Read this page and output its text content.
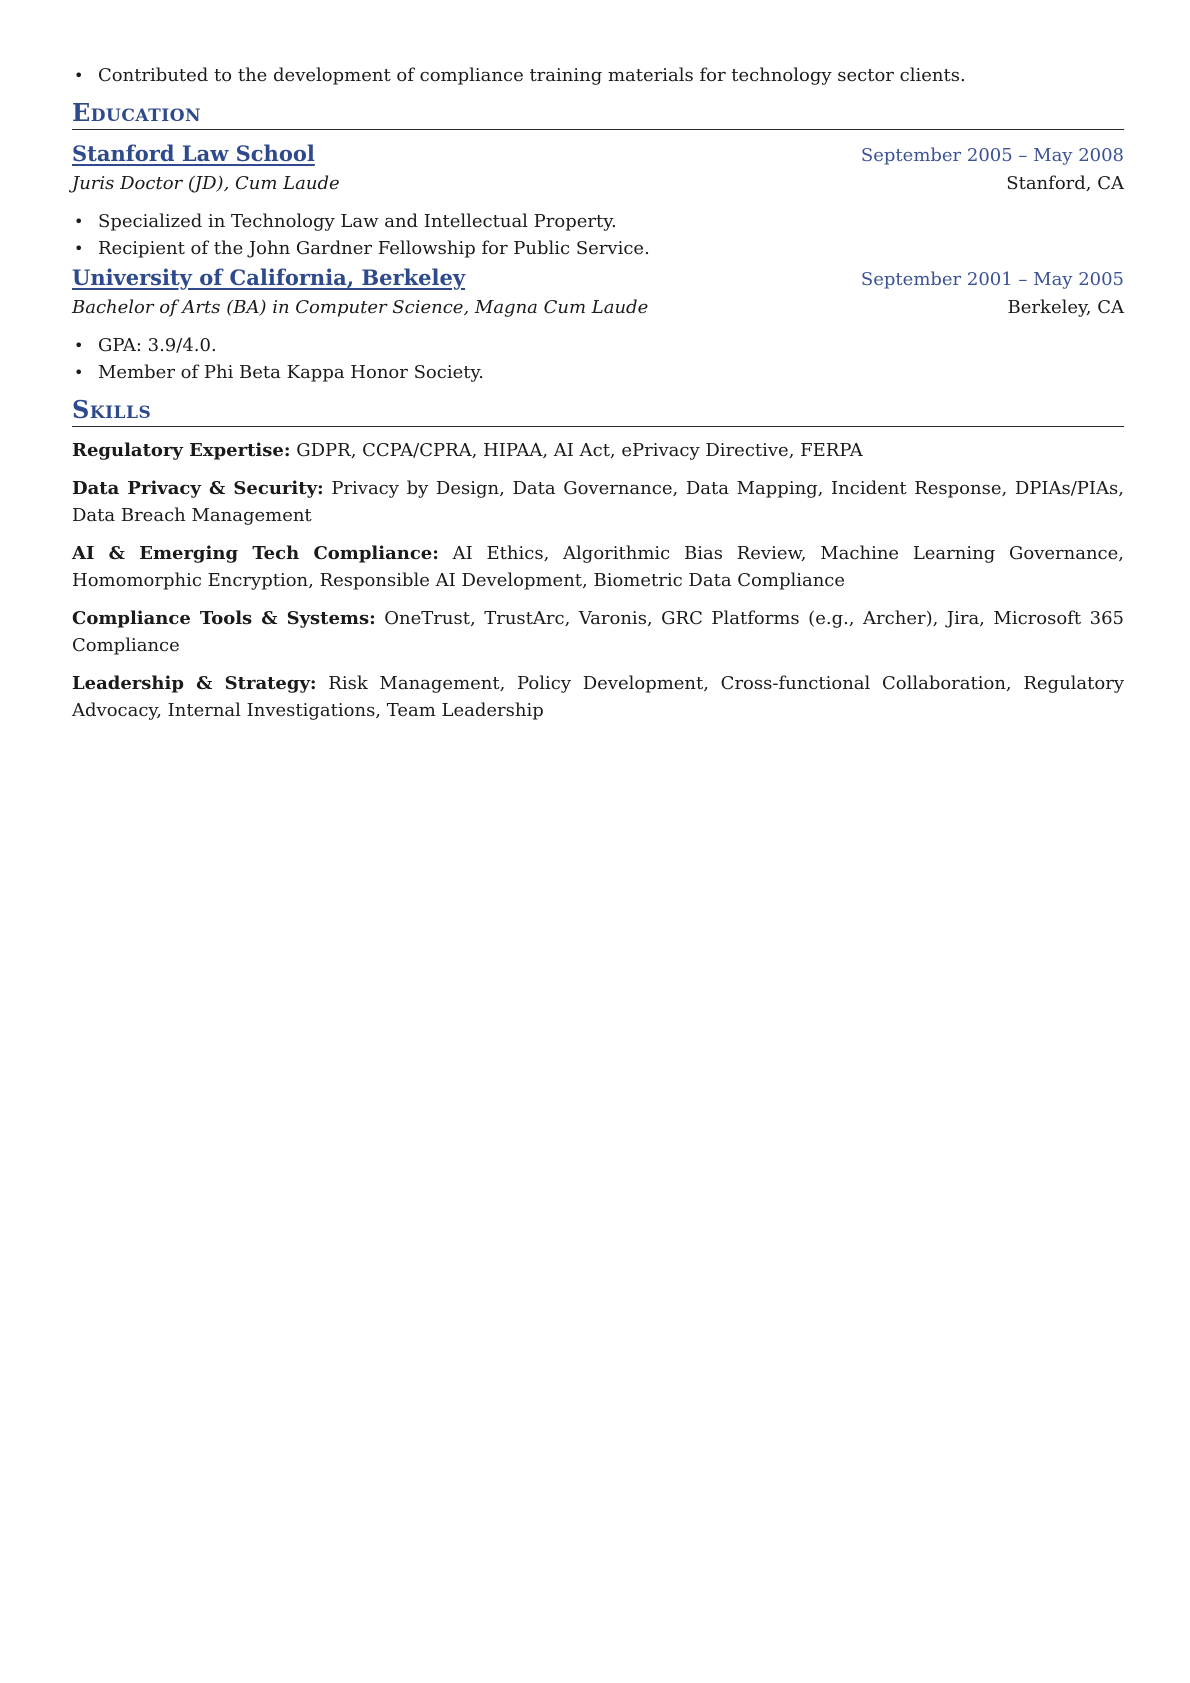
• Contributed to the development of compliance training materials for technology sector clients.
Education
Stanford Law School	September 2005 – May 2008
Juris Doctor (JD), Cum Laude	Stanford, CA
• Specialized in Technology Law and Intellectual Property.
• Recipient of the John Gardner Fellowship for Public Service.
University of California, Berkeley	September 2001 – May 2005
Bachelor of Arts (BA) in Computer Science, Magna Cum Laude	Berkeley, CA
• GPA: 3.9/4.0.
• Member of Phi Beta Kappa Honor Society.
Skills

Regulatory Expertise: GDPR, CCPA/CPRA, HIPAA, AI Act, ePrivacy Directive, FERPA

Data Privacy & Security: Privacy by Design, Data Governance, Data Mapping, Incident Response, DPIAs/PIAs, Data Breach Management

AI & Emerging Tech Compliance: AI Ethics, Algorithmic Bias Review, Machine Learning Governance, Homomorphic Encryption, Responsible AI Development, Biometric Data Compliance

Compliance Tools & Systems: OneTrust, TrustArc, Varonis, GRC Platforms (e.g., Archer), Jira, Microsoft 365 Compliance

Leadership & Strategy: Risk Management, Policy Development, Cross-functional Collaboration, Regulatory Advocacy, Internal Investigations, Team Leadership
